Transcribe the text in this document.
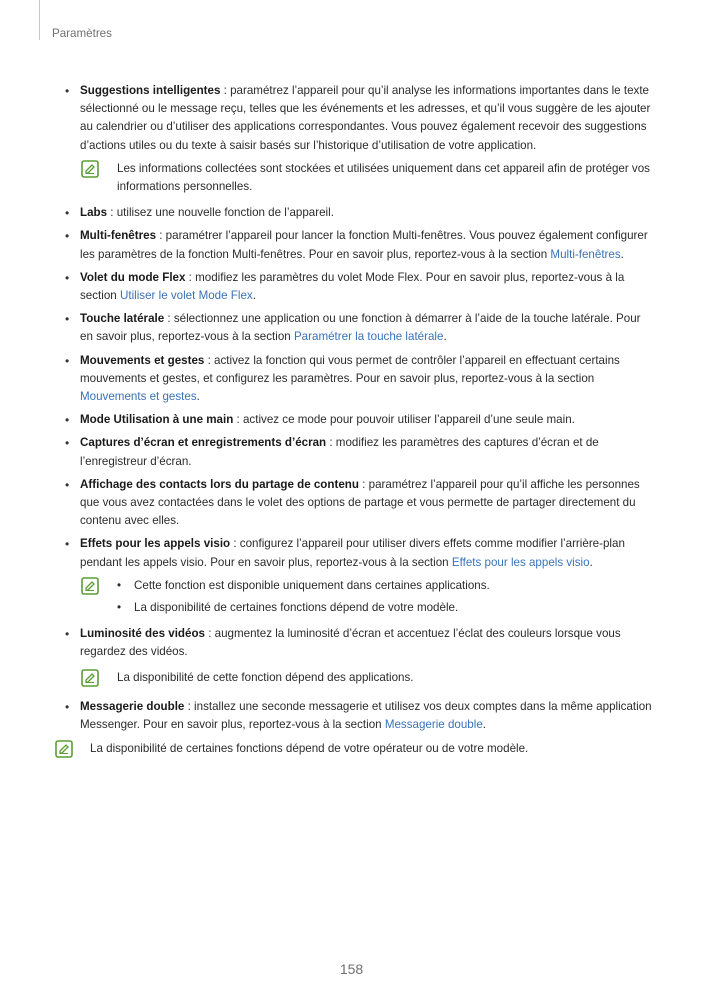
Paramètres
• Suggestions intelligentes : paramétrez l’appareil pour qu’il analyse les informations importantes dans le texte sélectionné ou le message reçu, telles que les événements et les adresses, et qu’il vous suggère de les ajouter au calendrier ou d’utiliser des applications correspondantes. Vous pouvez également recevoir des suggestions d’actions utiles ou du texte à saisir basés sur l’historique d’utilisation de votre application.
Les informations collectées sont stockées et utilisées uniquement dans cet appareil afin de protéger vos informations personnelles.
• Labs : utilisez une nouvelle fonction de l’appareil.
• Multi-fenêtres : paramétrer l’appareil pour lancer la fonction Multi-fenêtres. Vous pouvez également configurer les paramètres de la fonction Multi-fenêtres. Pour en savoir plus, reportez-vous à la section Multi-fenêtres.
• Volet du mode Flex : modifiez les paramètres du volet Mode Flex. Pour en savoir plus, reportez-vous à la section Utiliser le volet Mode Flex.
• Touche latérale : sélectionnez une application ou une fonction à démarrer à l’aide de la touche latérale. Pour en savoir plus, reportez-vous à la section Paramétrer la touche latérale.
• Mouvements et gestes : activez la fonction qui vous permet de contrôler l’appareil en effectuant certains mouvements et gestes, et configurez les paramètres. Pour en savoir plus, reportez-vous à la section Mouvements et gestes.
• Mode Utilisation à une main : activez ce mode pour pouvoir utiliser l’appareil d’une seule main.
• Captures d’écran et enregistrements d’écran : modifiez les paramètres des captures d’écran et de l’enregistreur d’écran.
• Affichage des contacts lors du partage de contenu : paramétrez l’appareil pour qu’il affiche les personnes que vous avez contactées dans le volet des options de partage et vous permette de partager directement du contenu avec elles.
• Effets pour les appels visio : configurez l’appareil pour utiliser divers effets comme modifier l’arrière-plan pendant les appels visio. Pour en savoir plus, reportez-vous à la section Effets pour les appels visio.
• Cette fonction est disponible uniquement dans certaines applications.
• La disponibilité de certaines fonctions dépend de votre modèle.
• Luminosité des vidéos : augmentez la luminosité d’écran et accentuez l’éclat des couleurs lorsque vous regardez des vidéos.
La disponibilité de cette fonction dépend des applications.
• Messagerie double : installez une seconde messagerie et utilisez vos deux comptes dans la même application Messenger. Pour en savoir plus, reportez-vous à la section Messagerie double.
La disponibilité de certaines fonctions dépend de votre opérateur ou de votre modèle.
158
